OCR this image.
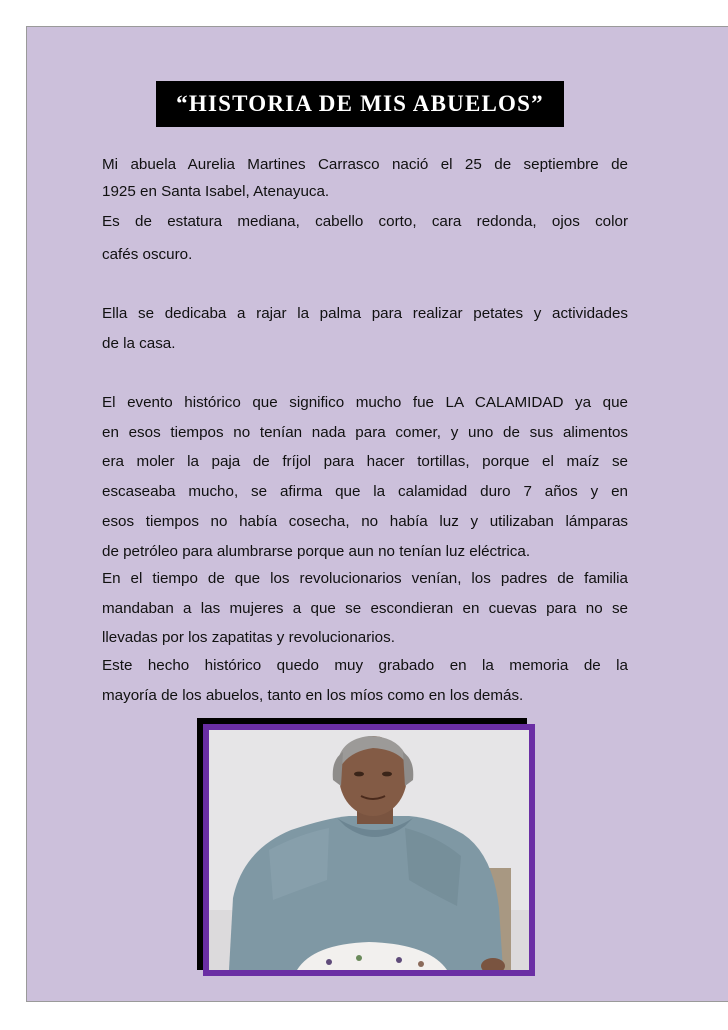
“HISTORIA DE MIS ABUELOS”
Mi abuela Aurelia Martines Carrasco nació el 25 de septiembre de
1925 en Santa Isabel, Atenayuca.
Es de estatura mediana, cabello corto, cara redonda, ojos color
cafés oscuro.
Ella se dedicaba a rajar la palma para realizar petates y actividades
de la casa.
El evento histórico que significo mucho fue LA CALAMIDAD ya que
en esos tiempos no tenían nada para comer, y uno de sus alimentos
era moler la paja de fríjol para hacer tortillas, porque el maíz se
escaseaba mucho, se afirma que la calamidad duro 7 años y en
esos tiempos no había cosecha, no había luz y utilizaban lámparas
de petróleo para alumbrarse porque aun no tenían luz eléctrica.
En el tiempo de que los revolucionarios venían, los padres de familia
mandaban a las mujeres a que se escondieran en cuevas para no se
llevadas por los zapatitas y revolucionarios.
Este hecho histórico quedo muy grabado en la memoria de la
mayoría de los abuelos, tanto en los míos como en los demás.
